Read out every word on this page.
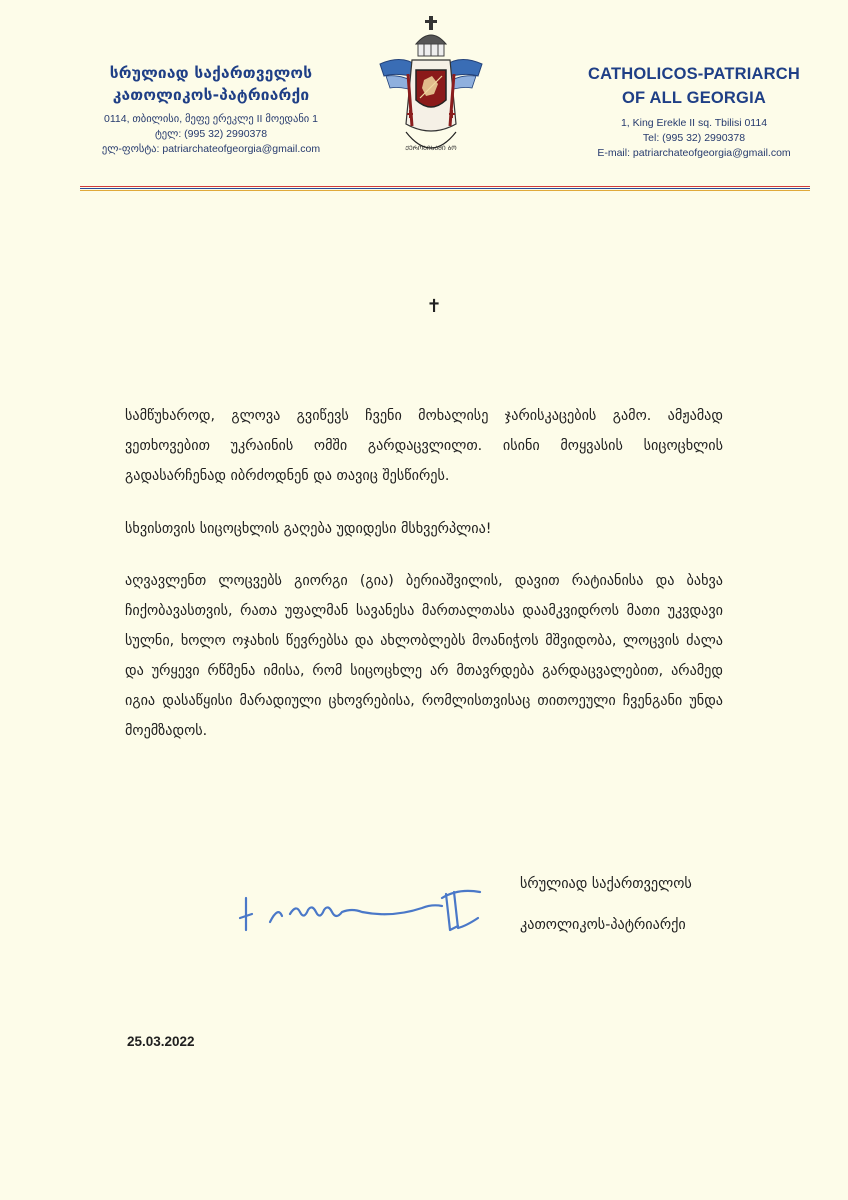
სრულიად საქართველოს
კათოლიკოს-პატრიარქი
0114, თბილისი, მეფე ერეკლე II მოედანი 1
ტელ: (995 32) 2990378
ელ-ფოსტა: patriarchateofgeorgia@gmail.com	ᲥᲔᲠᲝᲑᲘᲡᲐᲛᲘ ᲑᲝ
CATHOLICOS-PATRIARCH
OF ALL GEORGIA
1, King Erekle II sq. Tbilisi 0114
Tel: (995 32) 2990378
E-mail: patriarchateofgeorgia@gmail.com
✝
სამწუხაროდ, გლოვა გვიწევს ჩვენი მოხალისე ჯარისკაცების გამო. ამჟამად ვეთხოვებით უკრაინის ომში გარდაცვლილთ. ისინი მოყვასის სიცოცხლის გადასარჩენად იბრძოდნენ და თავიც შესწირეს.
სხვისთვის სიცოცხლის გაღება უდიდესი მსხვერპლია!
აღვავლენთ ლოცვებს გიორგი (გია) ბერიაშვილის, დავით რატიანისა და ბახვა ჩიქობავასთვის, რათა უფალმან სავანესა მართალთასა დაამკვიდროს მათი უკვდავი სულნი, ხოლო ოჯახის წევრებსა და ახლობლებს მოანიჭოს მშვიდობა, ლოცვის ძალა და ურყევი რწმენა იმისა, რომ სიცოცხლე არ მთავრდება გარდაცვალებით, არამედ იგია დასაწყისი მარადიული ცხოვრებისა, რომლისთვისაც თითოეული ჩვენგანი უნდა მოემზადოს.
სრულიად საქართველოს
კათოლიკოს-პატრიარქი
25.03.2022
